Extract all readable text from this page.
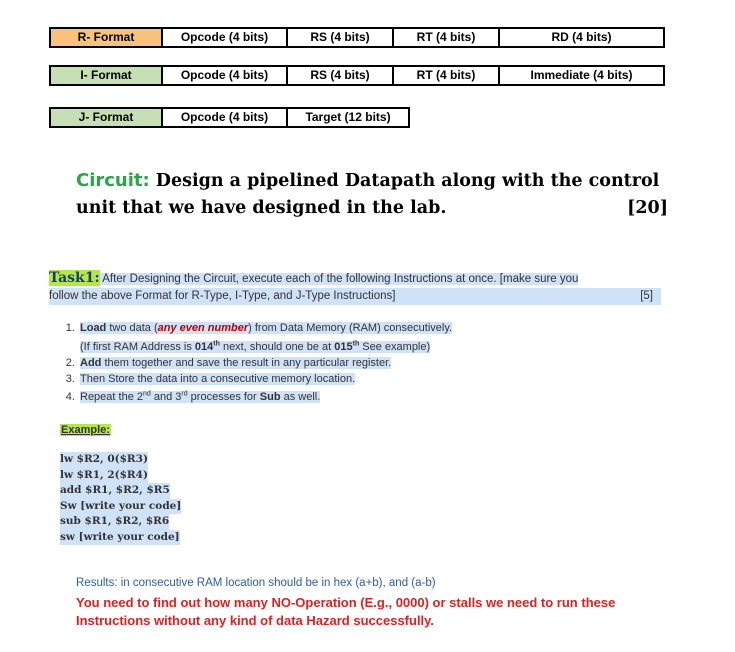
R- Format	Opcode (4 bits)	RS (4 bits)	RT (4 bits)	RD (4 bits)
I- Format	Opcode (4 bits)	RS (4 bits)	RT (4 bits)	Immediate (4 bits)
J- Format	Opcode (4 bits)	Target (12 bits)
Circuit: Design a pipelined Datapath along with the control
unit that we have designed in the lab.	[20]
Task1: After Designing the Circuit, execute each of the following Instructions at once. [make sure you
follow the above Format for R-Type, I-Type, and J-Type Instructions]	[5]
1. Load two data (any even number) from Data Memory (RAM) consecutively.
(If first RAM Address is 014th next, should one be at 015th See example)
2. Add them together and save the result in any particular register.
3. Then Store the data into a consecutive memory location.
4. Repeat the 2nd and 3rd processes for Sub as well.
Example:
lw $R2, 0($R3)
lw $R1, 2($R4)
add $R1, $R2, $R5
Sw [write your code]
sub $R1, $R2, $R6
sw [write your code]
Results: in consecutive RAM location should be in hex (a+b), and (a-b)
You need to find out how many NO-Operation (E.g., 0000) or stalls we need to run these Instructions without any kind of data Hazard successfully.
